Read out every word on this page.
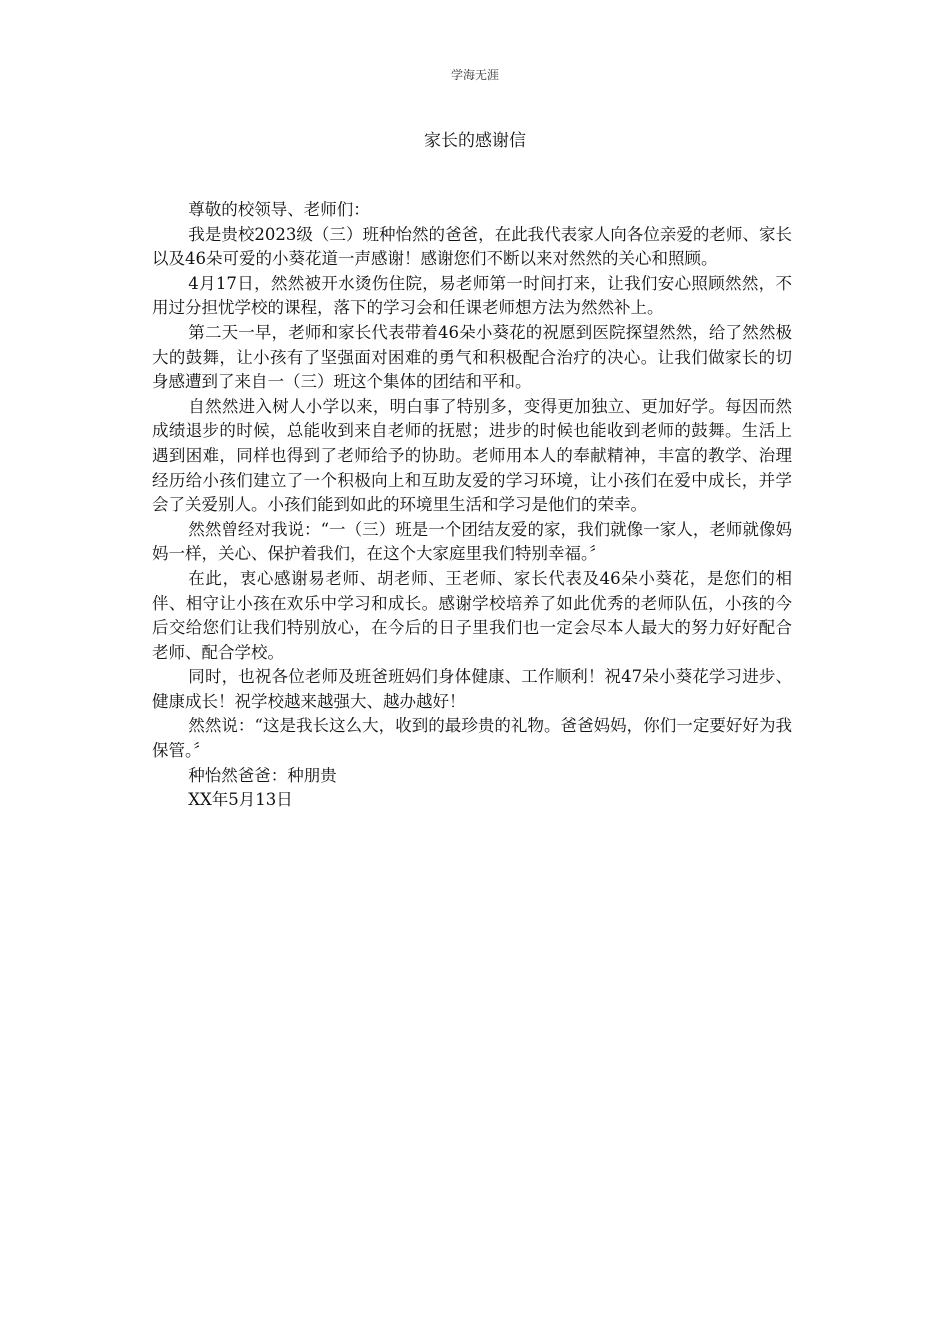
学海无涯
家长的感谢信

尊敬的校领导、老师们：

我是贵校2023级（三）班种怡然的爸爸，在此我代表家人向各位亲爱的老师、家长以及46朵可爱的小葵花道一声感谢！感谢您们不断以来对然然的关心和照顾。

4月17日，然然被开水烫伤住院，易老师第一时间打来，让我们安心照顾然然，不用过分担忧学校的课程，落下的学习会和任课老师想方法为然然补上。

第二天一早，老师和家长代表带着46朵小葵花的祝愿到医院探望然然，给了然然极大的鼓舞，让小孩有了坚强面对困难的勇气和积极配合治疗的决心。让我们做家长的切身感遭到了来自一（三）班这个集体的团结和平和。

自然然进入树人小学以来，明白事了特别多，变得更加独立、更加好学。每因而然成绩退步的时候，总能收到来自老师的抚慰；进步的时候也能收到老师的鼓舞。生活上遇到困难，同样也得到了老师给予的协助。老师用本人的奉献精神，丰富的教学、治理经历给小孩们建立了一个积极向上和互助友爱的学习环境，让小孩们在爱中成长，并学会了关爱别人。小孩们能到如此的环境里生活和学习是他们的荣幸。

然然曾经对我说：“一（三）班是一个团结友爱的家，我们就像一家人，老师就像妈妈一样，关心、保护着我们，在这个大家庭里我们特别幸福。〞

在此，衷心感谢易老师、胡老师、王老师、家长代表及46朵小葵花，是您们的相伴、相守让小孩在欢乐中学习和成长。感谢学校培养了如此优秀的老师队伍，小孩的今后交给您们让我们特别放心，在今后的日子里我们也一定会尽本人最大的努力好好配合老师、配合学校。

同时，也祝各位老师及班爸班妈们身体健康、工作顺利！祝47朵小葵花学习进步、健康成长！祝学校越来越强大、越办越好！

然然说：“这是我长这么大，收到的最珍贵的礼物。爸爸妈妈，你们一定要好好为我保管。〞

种怡然爸爸：种朋贵

XX年5月13日
